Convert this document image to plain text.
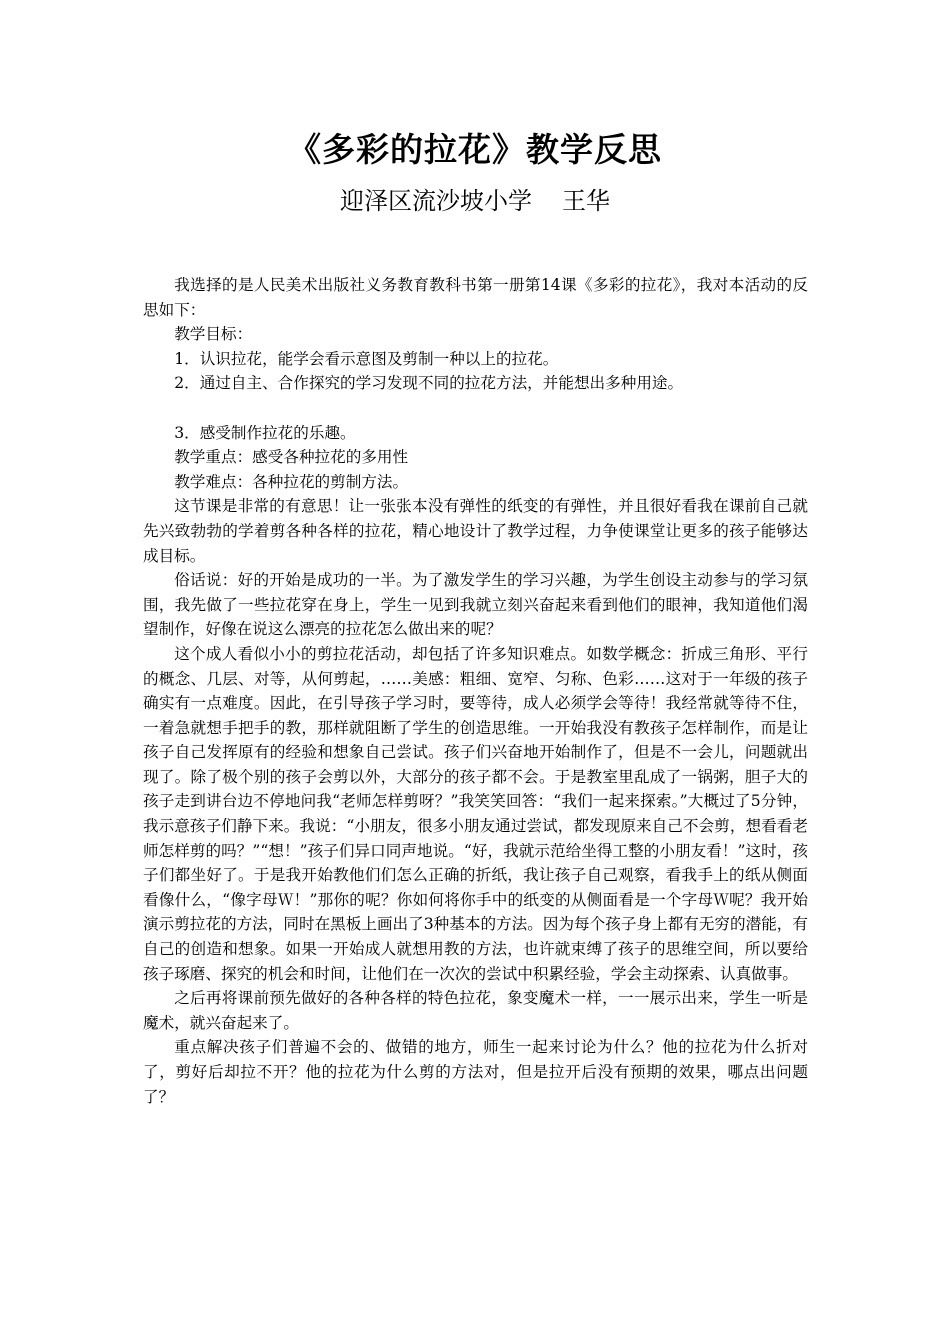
《多彩的拉花》教学反思
迎泽区流沙坡小学 王华

我选择的是人民美术出版社义务教育教科书第一册第14课《多彩的拉花》，我对本活动的反思如下：

教学目标：

1．认识拉花，能学会看示意图及剪制一种以上的拉花。

2．通过自主、合作探究的学习发现不同的拉花方法，并能想出多种用途。

3．感受制作拉花的乐趣。

教学重点：感受各种拉花的多用性

教学难点：各种拉花的剪制方法。

这节课是非常的有意思！让一张张本没有弹性的纸变的有弹性，并且很好看我在课前自己就先兴致勃勃的学着剪各种各样的拉花，精心地设计了教学过程，力争使课堂让更多的孩子能够达成目标。

俗话说：好的开始是成功的一半。为了激发学生的学习兴趣，为学生创设主动参与的学习氛围，我先做了一些拉花穿在身上，学生一见到我就立刻兴奋起来看到他们的眼神，我知道他们渴望制作，好像在说这么漂亮的拉花怎么做出来的呢？

这个成人看似小小的剪拉花活动，却包括了许多知识难点。如数学概念：折成三角形、平行的概念、几层、对等，从何剪起，……美感：粗细、宽窄、匀称、色彩……这对于一年级的孩子确实有一点难度。因此，在引导孩子学习时，要等待，成人必须学会等待！我经常就等待不住，一着急就想手把手的教，那样就阻断了学生的创造思维。一开始我没有教孩子怎样制作，而是让孩子自己发挥原有的经验和想象自己尝试。孩子们兴奋地开始制作了，但是不一会儿，问题就出现了。除了极个别的孩子会剪以外，大部分的孩子都不会。于是教室里乱成了一锅粥，胆子大的孩子走到讲台边不停地问我“老师怎样剪呀？”我笑笑回答：“我们一起来探索。”大概过了5分钟，我示意孩子们静下来。我说：“小朋友，很多小朋友通过尝试，都发现原来自己不会剪，想看看老师怎样剪的吗？”“想！”孩子们异口同声地说。“好，我就示范给坐得工整的小朋友看！”这时，孩子们都坐好了。于是我开始教他们们怎么正确的折纸，我让孩子自己观察，看我手上的纸从侧面看像什么，“像字母Ｗ！”那你的呢？你如何将你手中的纸变的从侧面看是一个字母Ｗ呢？我开始演示剪拉花的方法，同时在黑板上画出了3种基本的方法。因为每个孩子身上都有无穷的潜能，有自己的创造和想象。如果一开始成人就想用教的方法，也许就束缚了孩子的思维空间，所以要给孩子琢磨、探究的机会和时间，让他们在一次次的尝试中积累经验，学会主动探索、认真做事。

之后再将课前预先做好的各种各样的特色拉花，象变魔术一样，一一展示出来，学生一听是魔术，就兴奋起来了。

重点解决孩子们普遍不会的、做错的地方，师生一起来讨论为什么？他的拉花为什么折对了，剪好后却拉不开？他的拉花为什么剪的方法对，但是拉开后没有预期的效果，哪点出问题了？
